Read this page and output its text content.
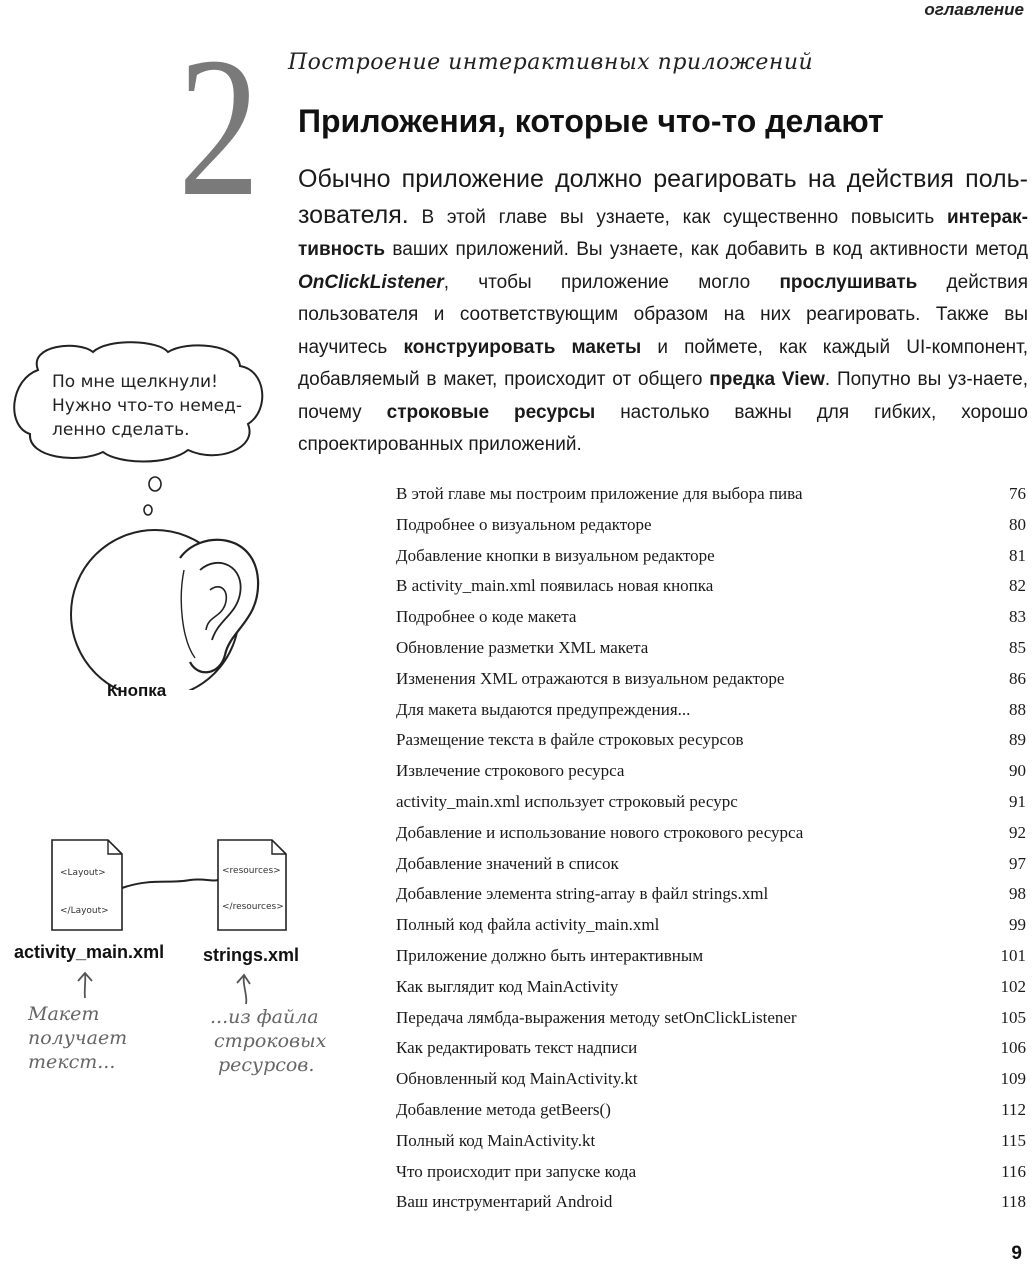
оглавление
2 Построение интерактивных приложений
Приложения, которые что-то делают
Обычно приложение должно реагировать на действия поль-зователя. В этой главе вы узнаете, как существенно повысить интерак-тивность ваших приложений. Вы узнаете, как добавить в код активности метод OnClickListener, чтобы приложение могло прослушивать действия пользователя и соответствующим образом на них реагировать. Также вы научитесь конструировать макеты и поймете, как каждый UI-компонент, добавляемый в макет, происходит от общего предка View. Попутно вы уз-наете, почему строковые ресурсы настолько важны для гибких, хорошо спроектированных приложений.
По мне щелкнули!
Нужно что-то немед-
ленно сделать.
Кнопка
<Layout>
</Layout>
<resources>
</resources>
activity_main.xml strings.xml
Макет
получает
текст...
...из файла
строковых
ресурсов.
В этой главе мы построим приложение для выбора пива	76
Подробнее о визуальном редакторе	80
Добавление кнопки в визуальном редакторе	81
В activity_main.xml появилась новая кнопка	82
Подробнее о коде макета	83
Обновление разметки XML макета	85
Изменения XML отражаются в визуальном редакторе	86
Для макета выдаются предупреждения...	88
Размещение текста в файле строковых ресурсов	89
Извлечение строкового ресурса	90
activity_main.xml использует строковый ресурс	91
Добавление и использование нового строкового ресурса	92
Добавление значений в список	97
Добавление элемента string-array в файл strings.xml	98
Полный код файла activity_main.xml	99
Приложение должно быть интерактивным	101
Как выглядит код MainActivity	102
Передача лямбда-выражения методу setOnClickListener	105
Как редактировать текст надписи	106
Обновленный код MainActivity.kt	109
Добавление метода getBeers()	112
Полный код MainActivity.kt	115
Что происходит при запуске кода	116
Ваш инструментарий Android	118
9
